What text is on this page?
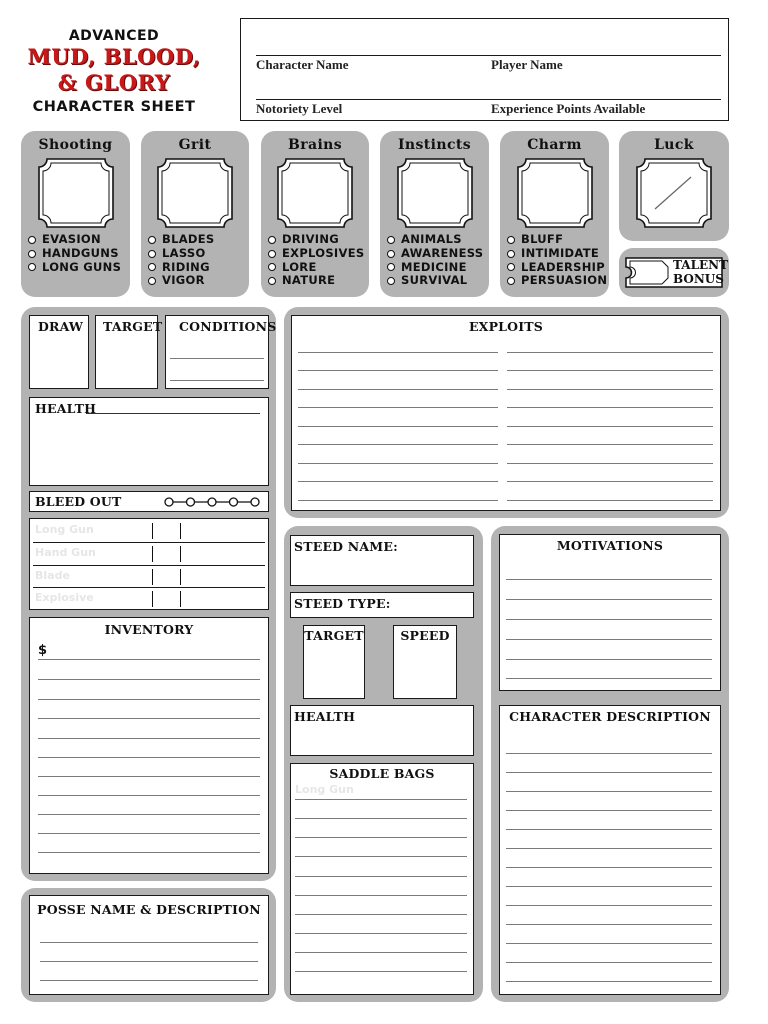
ADVANCED
MUD, BLOOD,
& GLORY
CHARACTER SHEET
Character Name	Player Name
Notoriety Level	Experience Points Available
Shooting
EVASION
HANDGUNS
LONG GUNS
Grit
BLADES
LASSO
RIDING
VIGOR
Brains
DRIVING
EXPLOSIVES
LORE
NATURE
Instincts
ANIMALS
AWARENESS
MEDICINE
SURVIVAL
Charm
BLUFF
INTIMIDATE
LEADERSHIP
PERSUASION
Luck
TALENT
BONUS
DRAW TARGET CONDITIONS
HEALTH
BLEED OUT
Long Gun
Hand Gun
Blade
Explosive
INVENTORY
$
POSSE NAME & DESCRIPTION
EXPLOITS
STEED NAME:
STEED TYPE:
TARGET	SPEED
HEALTH
SADDLE BAGS
Long Gun
MOTIVATIONS
CHARACTER DESCRIPTION
